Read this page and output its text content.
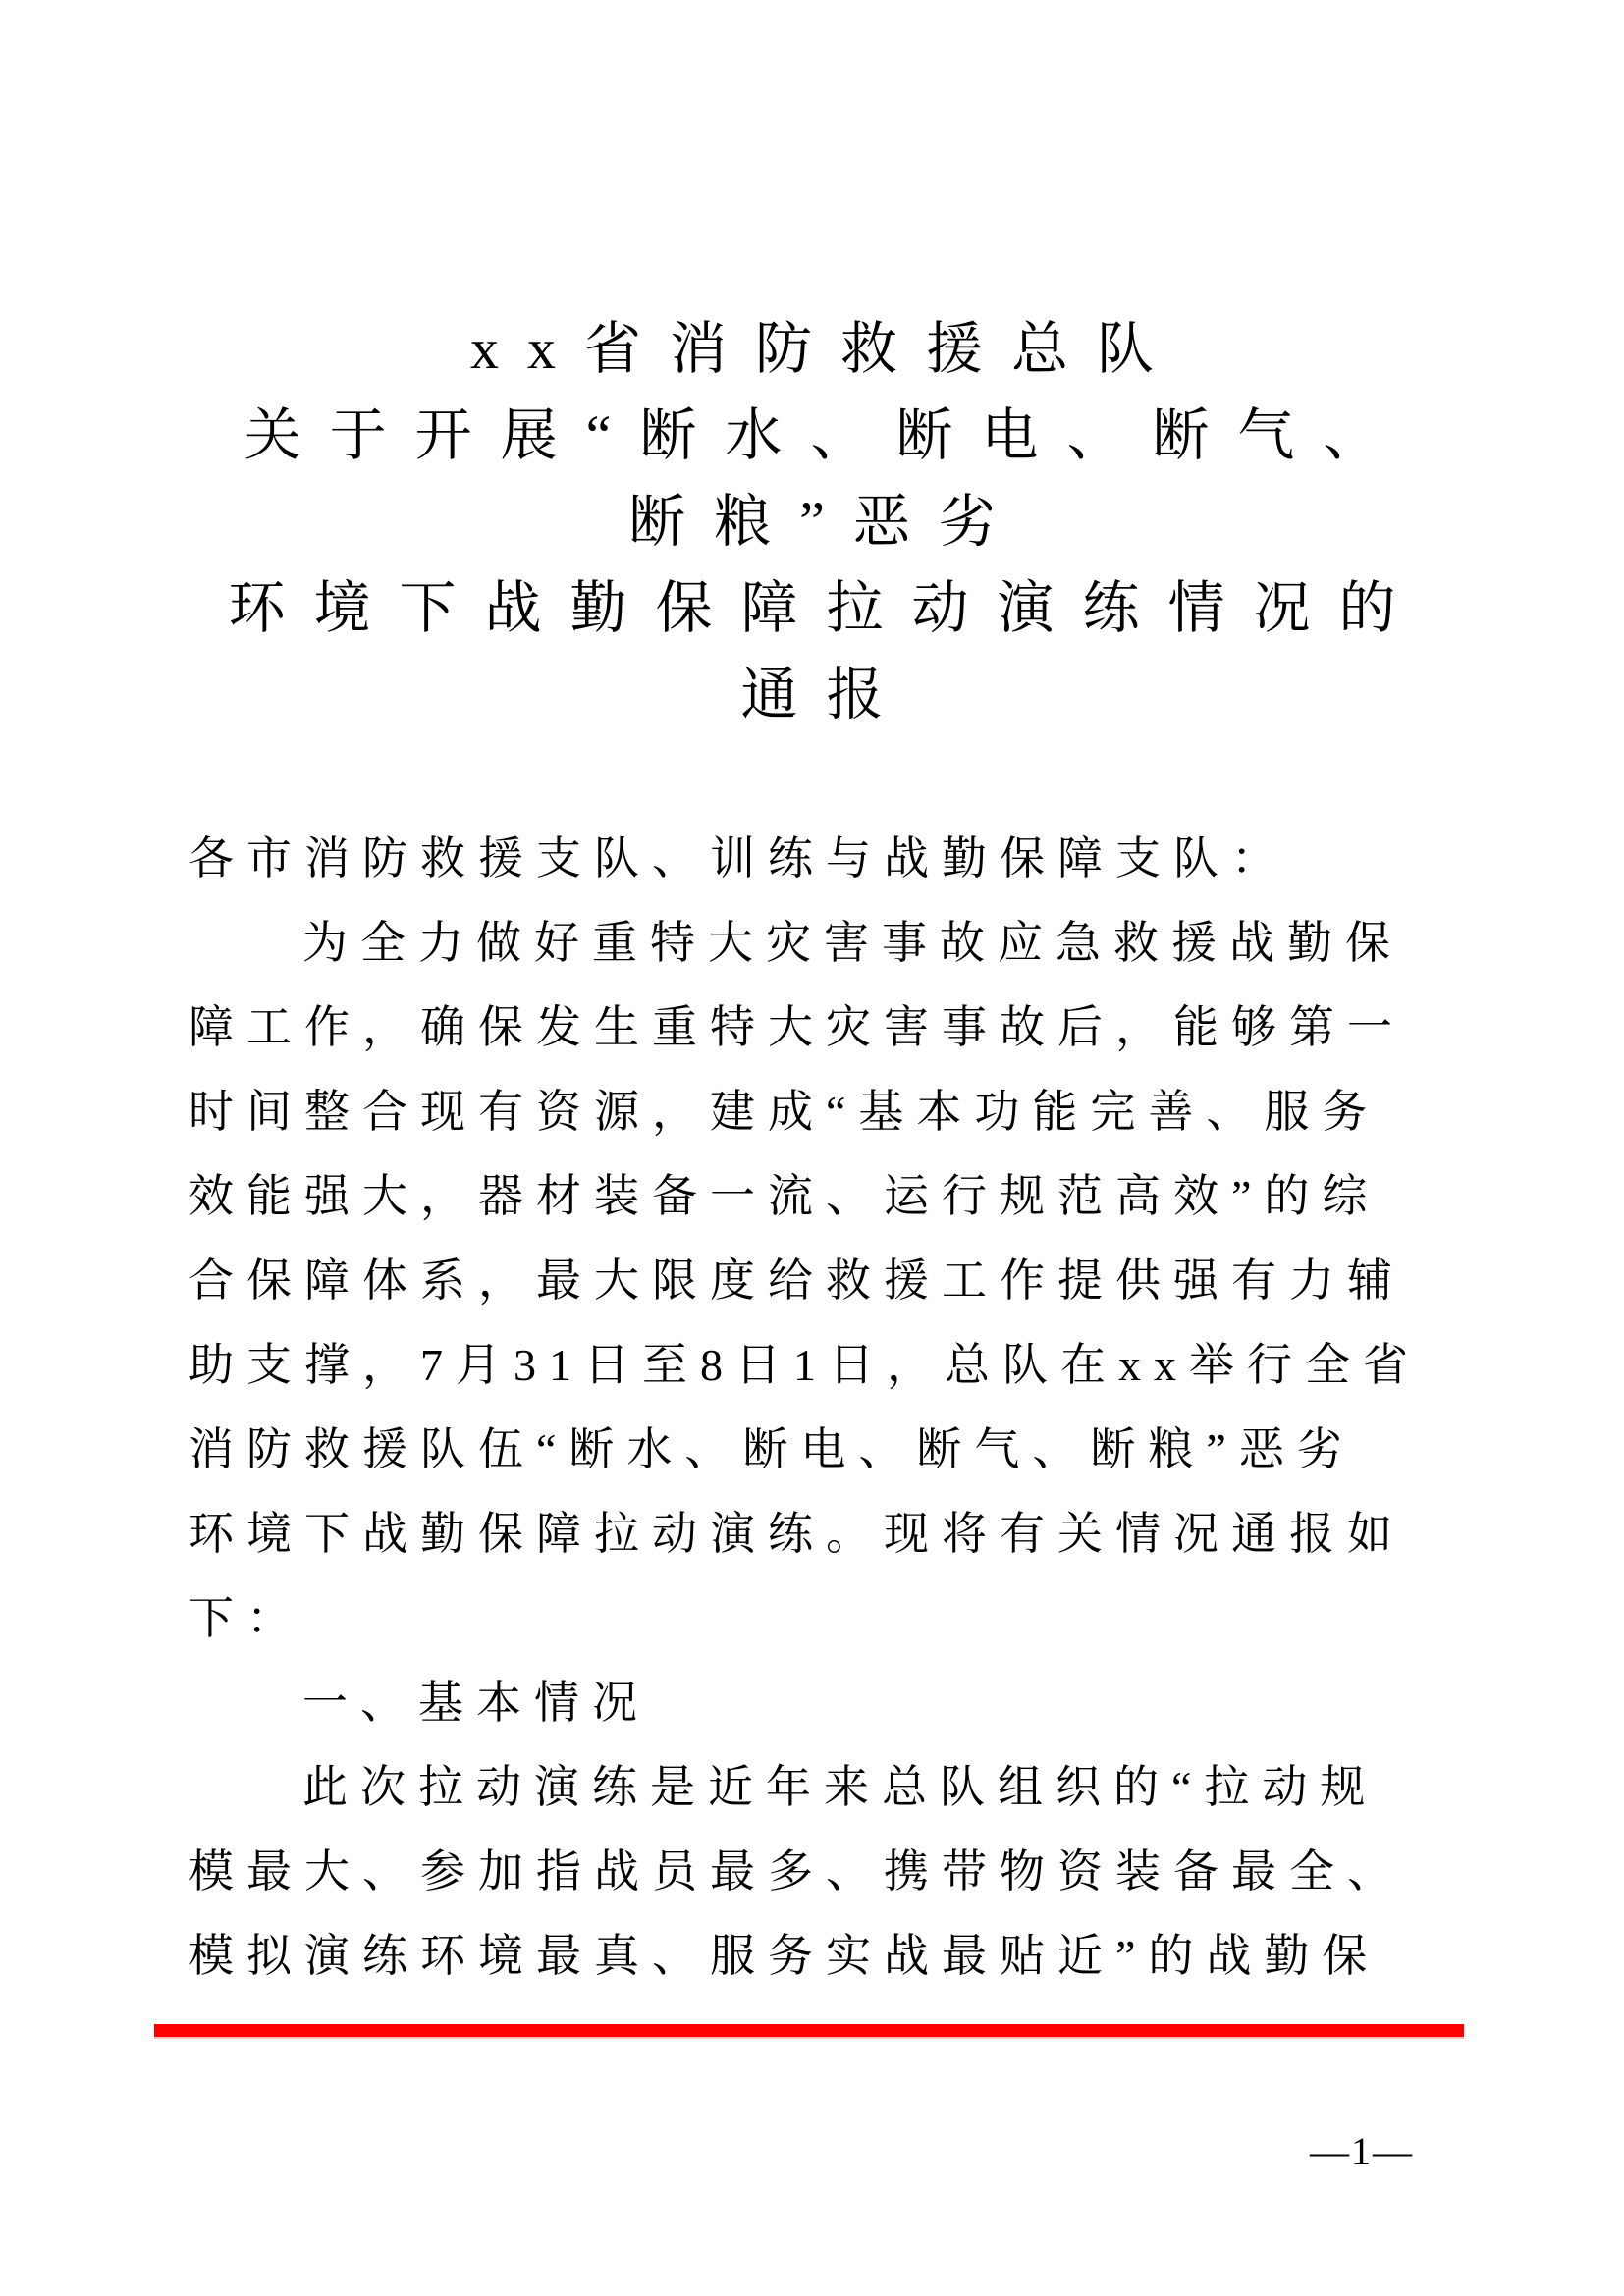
xx省消防救援总队
关于开展“断水、断电、断气、
断粮”恶劣
环境下战勤保障拉动演练情况的
通报
各市消防救援支队、训练与战勤保障支队：
为全力做好重特大灾害事故应急救援战勤保
障工作，确保发生重特大灾害事故后，能够第一
时间整合现有资源，建成“基本功能完善、服务
效能强大，器材装备一流、运行规范高效”的综
合保障体系，最大限度给救援工作提供强有力辅
助支撑，7月31日至8日1日，总队在xx举行全省
消防救援队伍“断水、断电、断气、断粮”恶劣
环境下战勤保障拉动演练。现将有关情况通报如
下：
一、基本情况
此次拉动演练是近年来总队组织的“拉动规
模最大、参加指战员最多、携带物资装备最全、
模拟演练环境最真、服务实战最贴近”的战勤保
—1—
